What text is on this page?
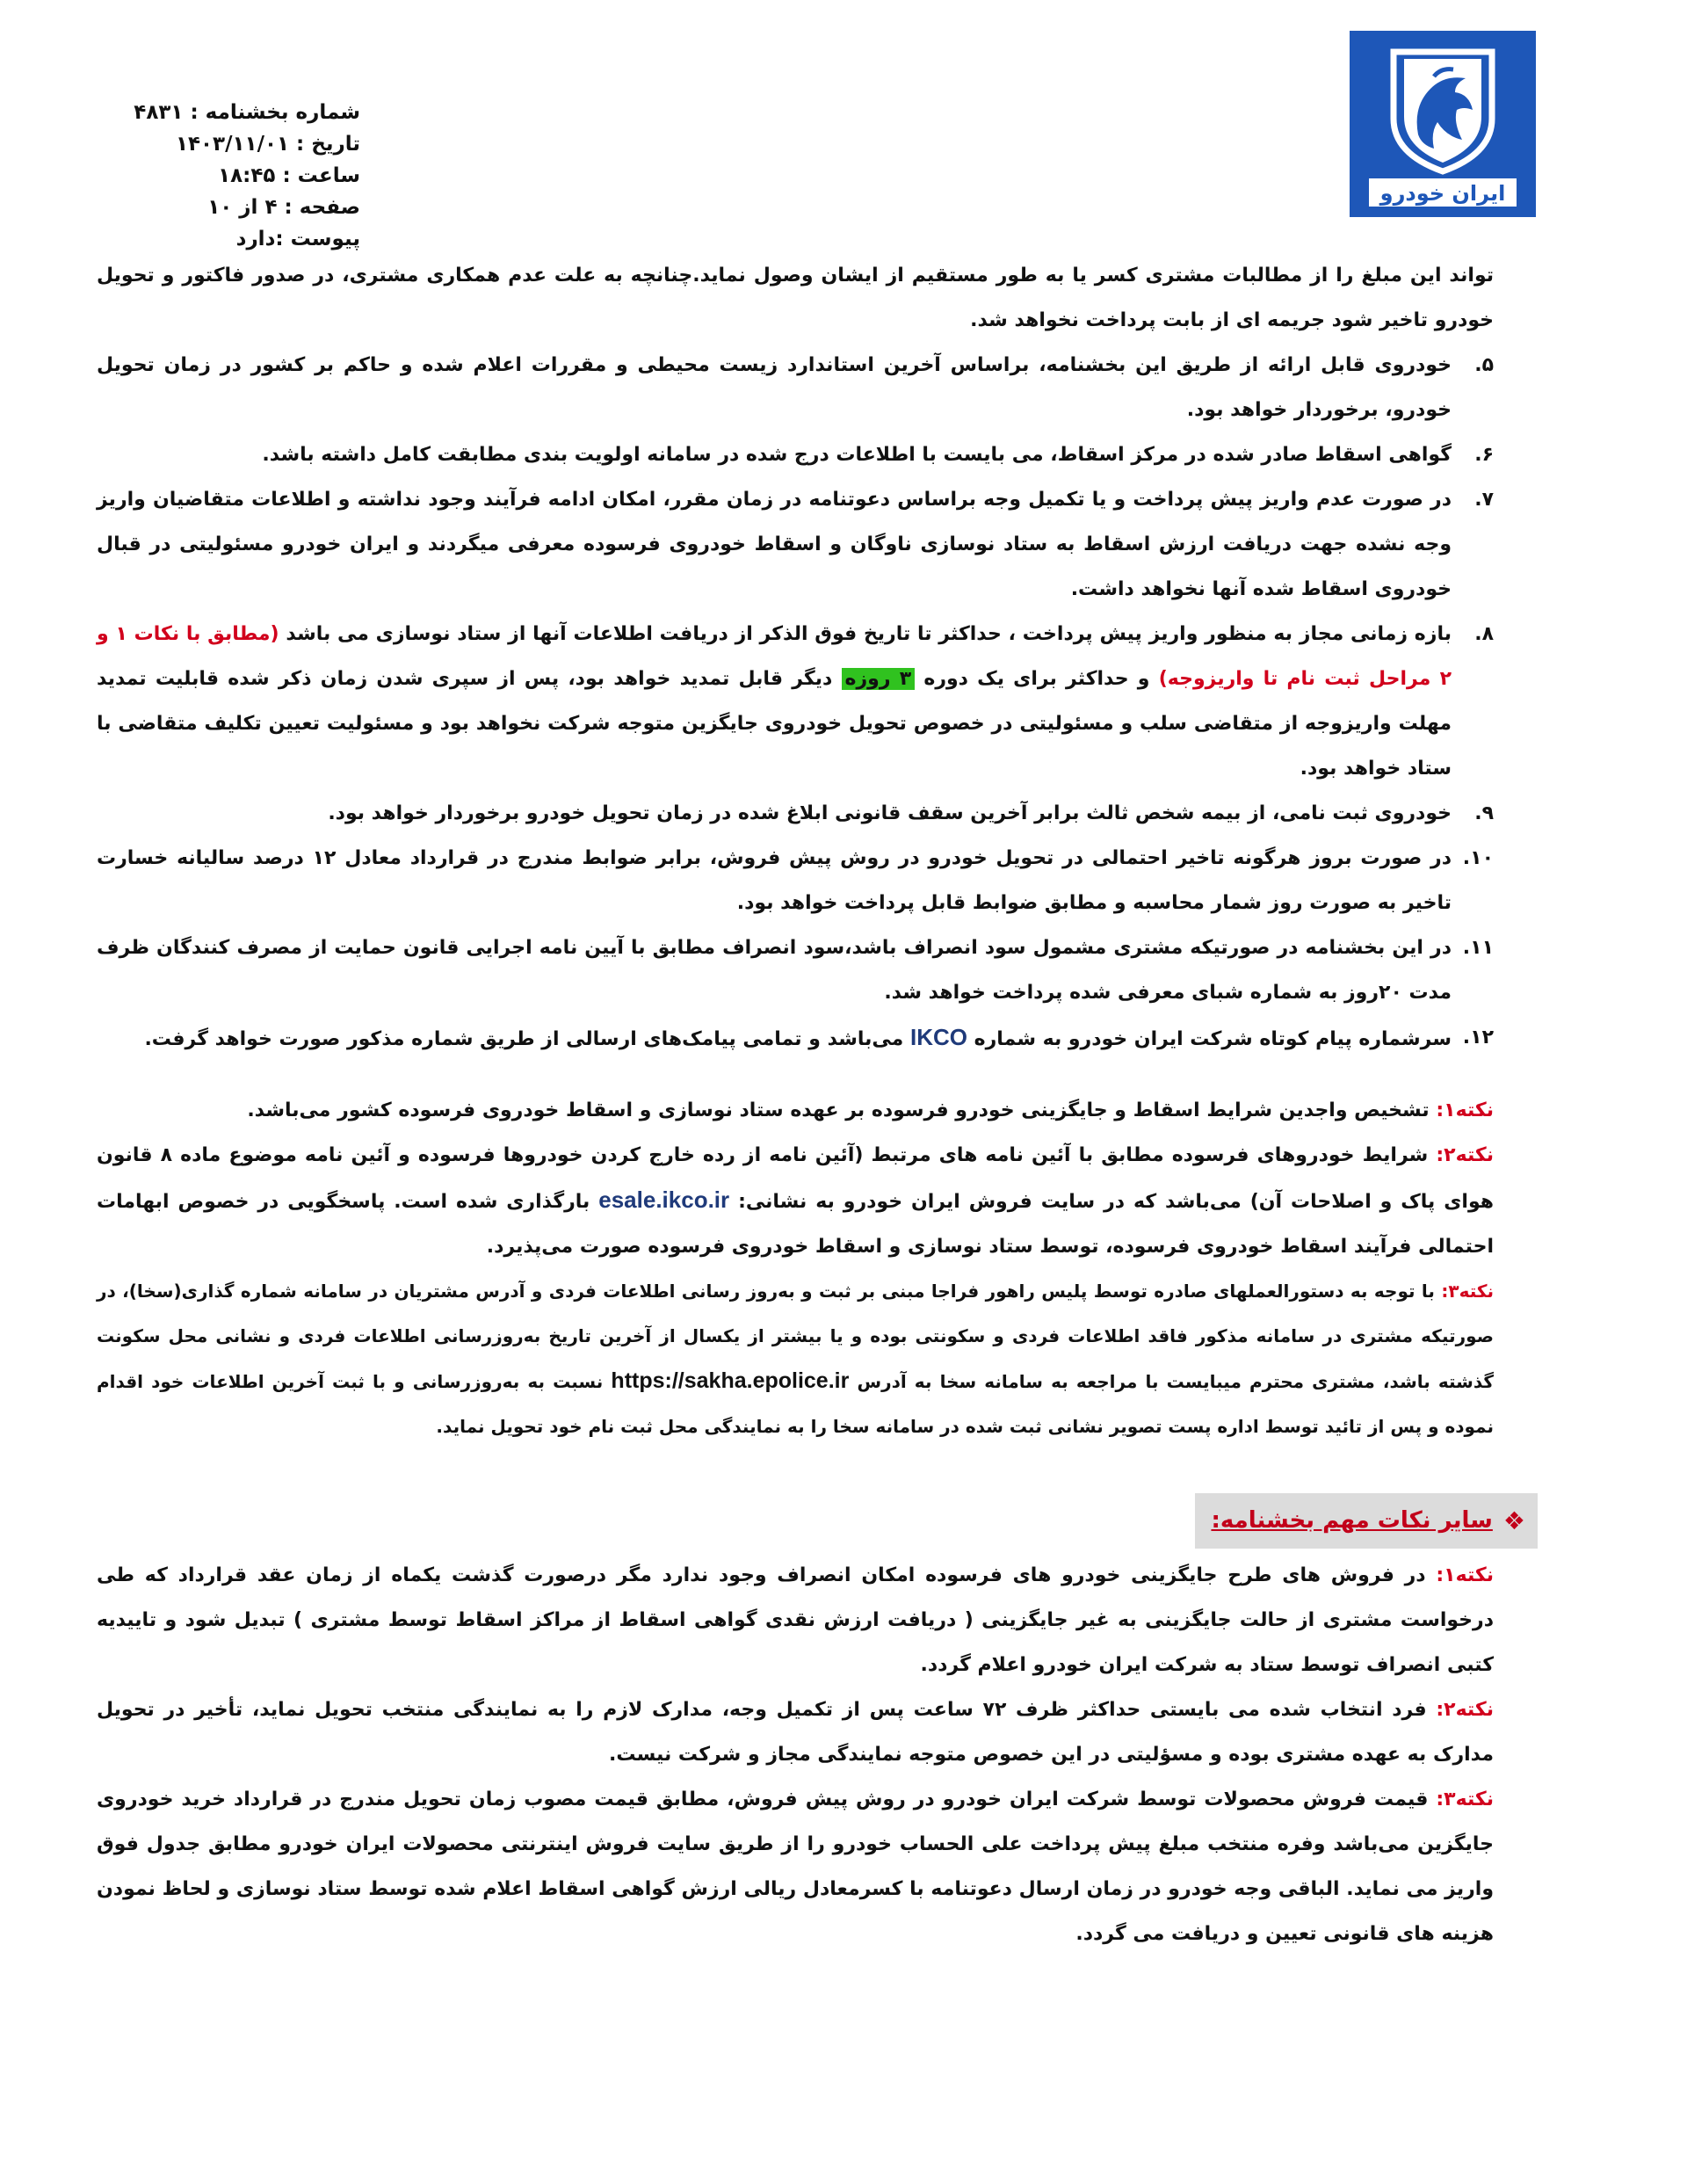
ایران خودرو
شماره بخشنامه : ۴۸۳۱
تاریخ : ۱۴۰۳/۱۱/۰۱
ساعت : ۱۸:۴۵
صفحه : ۴ از ۱۰
پیوست :دارد

تواند این مبلغ را از مطالبات مشتری کسر یا به طور مستقیم از ایشان وصول نماید.چنانچه به علت عدم همکاری مشتری، در صدور فاکتور و تحویل خودرو تاخیر شود جریمه ای از بابت پرداخت نخواهد شد.

۵.
خودروی قابل ارائه از طریق این بخشنامه، براساس آخرین استاندارد زیست محیطی و مقررات اعلام شده و حاکم بر کشور در زمان تحویل خودرو، برخوردار خواهد بود.

۶.
گواهی اسقاط صادر شده در مرکز اسقاط، می بایست با اطلاعات درج شده در سامانه اولویت بندی مطابقت کامل داشته باشد.

۷.
در صورت عدم واریز پیش پرداخت و یا تکمیل وجه براساس دعوتنامه در زمان مقرر، امکان ادامه فرآیند وجود نداشته و اطلاعات متقاضیان واریز وجه نشده جهت دریافت ارزش اسقاط به ستاد نوسازی ناوگان و اسقاط خودروی فرسوده معرفی میگردند و ایران خودرو مسئولیتی در قبال خودروی اسقاط شده آنها نخواهد داشت.

۸.
بازه زمانی مجاز به منظور واریز پیش پرداخت ، حداکثر تا تاریخ فوق الذکر از دریافت اطلاعات آنها از ستاد نوسازی می باشد (مطابق با نکات ۱ و ۲ مراحل ثبت نام تا واریزوجه) و حداکثر برای یک دوره ۳ روزه دیگر قابل تمدید خواهد بود، پس از سپری شدن زمان ذکر شده قابلیت تمدید مهلت واریزوجه از متقاضی سلب و مسئولیتی در خصوص تحویل خودروی جایگزین متوجه شرکت نخواهد بود و مسئولیت تعیین تکلیف متقاضی با ستاد خواهد بود.

۹.
خودروی ثبت نامی، از بیمه شخص ثالث برابر آخرین سقف قانونی ابلاغ شده در زمان تحویل خودرو برخوردار خواهد بود.

۱۰.
در صورت بروز هرگونه تاخیر احتمالی در تحویل خودرو در روش پیش فروش، برابر ضوابط مندرج در قرارداد معادل ۱۲ درصد سالیانه خسارت تاخیر به صورت روز شمار محاسبه و مطابق ضوابط قابل پرداخت خواهد بود.

۱۱.
در این بخشنامه در صورتیکه مشتری مشمول سود انصراف باشد،سود انصراف مطابق با آیین نامه اجرایی قانون حمایت از مصرف کنندگان ظرف مدت ۲۰روز به شماره شبای معرفی شده پرداخت خواهد شد.

۱۲.
سرشماره پیام کوتاه شرکت ایران خودرو به شماره IKCO می‌باشد و تمامی پیامک‌های ارسالی از طریق شماره مذکور صورت خواهد گرفت.

نکته۱: تشخیص واجدین شرایط اسقاط و جایگزینی خودرو فرسوده بر عهده ستاد نوسازی و اسقاط خودروی فرسوده کشور می‌باشد.

نکته۲: شرایط خودروهای فرسوده مطابق با آئین نامه های مرتبط (آئین نامه از رده خارج کردن خودروها فرسوده و آئین نامه موضوع ماده ۸ قانون هوای پاک و اصلاحات آن) می‌باشد که در سایت فروش ایران خودرو به نشانی: esale.ikco.ir بارگذاری شده است. پاسخگویی در خصوص ابهامات احتمالی فرآیند اسقاط خودروی فرسوده، توسط ستاد نوسازی و اسقاط خودروی فرسوده صورت می‌پذیرد.

نکته۳: با توجه به دستورالعملهای صادره توسط پلیس راهور فراجا مبنی بر ثبت و به‌روز رسانی اطلاعات فردی و آدرس مشتریان در سامانه شماره گذاری(سخا)، در صورتیکه مشتری در سامانه مذکور فاقد اطلاعات فردی و سکونتی بوده و یا بیشتر از یکسال از آخرین تاریخ به‌روزرسانی اطلاعات فردی و نشانی محل سکونت گذشته باشد، مشتری محترم میبایست با مراجعه به سامانه سخا به آدرس https://sakha.epolice.ir نسبت به به‌روزرسانی و با ثبت آخرین اطلاعات خود اقدام نموده و پس از تائید توسط اداره پست تصویر نشانی ثبت شده در سامانه سخا را به نمایندگی محل ثبت نام خود تحویل نماید.

❖
سایر نکات مهم بخشنامه:

نکته۱: در فروش های طرح جایگزینی خودرو های فرسوده امکان انصراف وجود ندارد مگر درصورت گذشت یکماه از زمان عقد قرارداد که طی درخواست مشتری از حالت جایگزینی به غیر جایگزینی ( دریافت ارزش نقدی گواهی اسقاط از مراکز اسقاط توسط مشتری ) تبدیل شود و تاییدیه کتبی انصراف توسط ستاد به شرکت ایران خودرو اعلام گردد.

نکته۲: فرد انتخاب شده می بایستی حداکثر ظرف ۷۲ ساعت پس از تکمیل وجه، مدارک لازم را به نمایندگی منتخب تحویل نماید، تأخیر در تحویل مدارک به عهده مشتری بوده و مسؤلیتی در این خصوص متوجه نمایندگی مجاز و شرکت نیست.

نکته۳: قیمت فروش محصولات توسط شرکت ایران خودرو در روش پیش فروش، مطابق قیمت مصوب زمان تحویل مندرج در قرارداد خرید خودروی جایگزین می‌باشد وفره منتخب مبلغ پیش پرداخت علی الحساب خودرو را از طریق سایت فروش اینترنتی محصولات ایران خودرو مطابق جدول فوق واریز می نماید. الباقی وجه خودرو در زمان ارسال دعوتنامه با کسرمعادل ریالی ارزش گواهی اسقاط اعلام شده توسط ستاد نوسازی و لحاظ نمودن هزینه های قانونی تعیین و دریافت می گردد.
